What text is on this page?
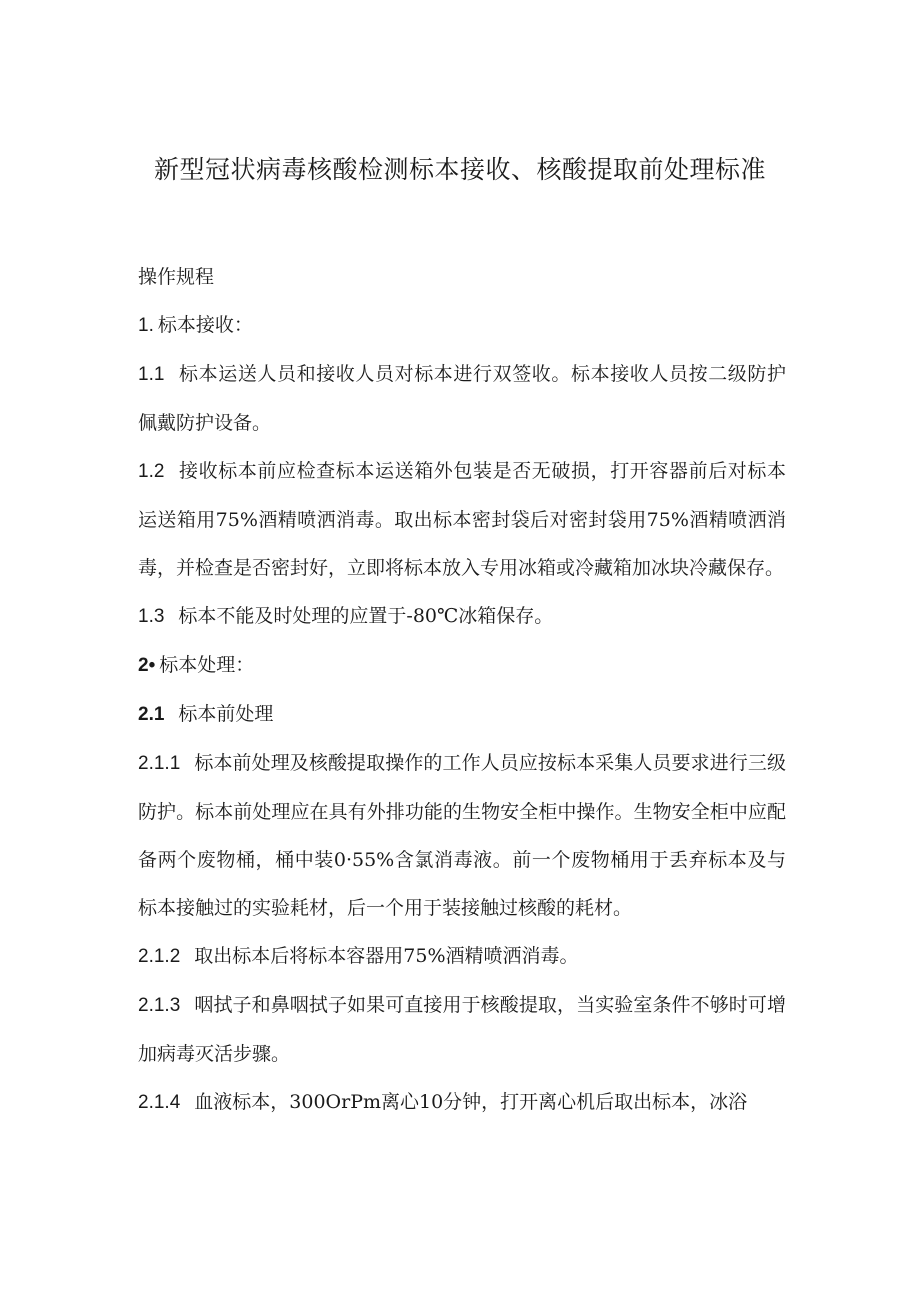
新型冠状病毒核酸检测标本接收、核酸提取前处理标准

操作规程

1. 标本接收：

1.1 标本运送人员和接收人员对标本进行双签收。标本接收人员按二级防护佩戴防护设备。

1.2 接收标本前应检查标本运送箱外包装是否无破损，打开容器前后对标本运送箱用75%酒精喷洒消毒。取出标本密封袋后对密封袋用75%酒精喷洒消毒，并检查是否密封好，立即将标本放入专用冰箱或冷藏箱加冰块冷藏保存。

1.3 标本不能及时处理的应置于-80℃冰箱保存。

2• 标本处理：

2.1 标本前处理

2.1.1 标本前处理及核酸提取操作的工作人员应按标本采集人员要求进行三级防护。标本前处理应在具有外排功能的生物安全柜中操作。生物安全柜中应配备两个废物桶，桶中装0·55%含氯消毒液。前一个废物桶用于丢弃标本及与标本接触过的实验耗材，后一个用于装接触过核酸的耗材。

2.1.2 取出标本后将标本容器用75%酒精喷洒消毒。

2.1.3 咽拭子和鼻咽拭子如果可直接用于核酸提取，当实验室条件不够时可增加病毒灭活步骤。

2.1.4 血液标本，300OrPm离心10分钟，打开离心机后取出标本，冰浴
